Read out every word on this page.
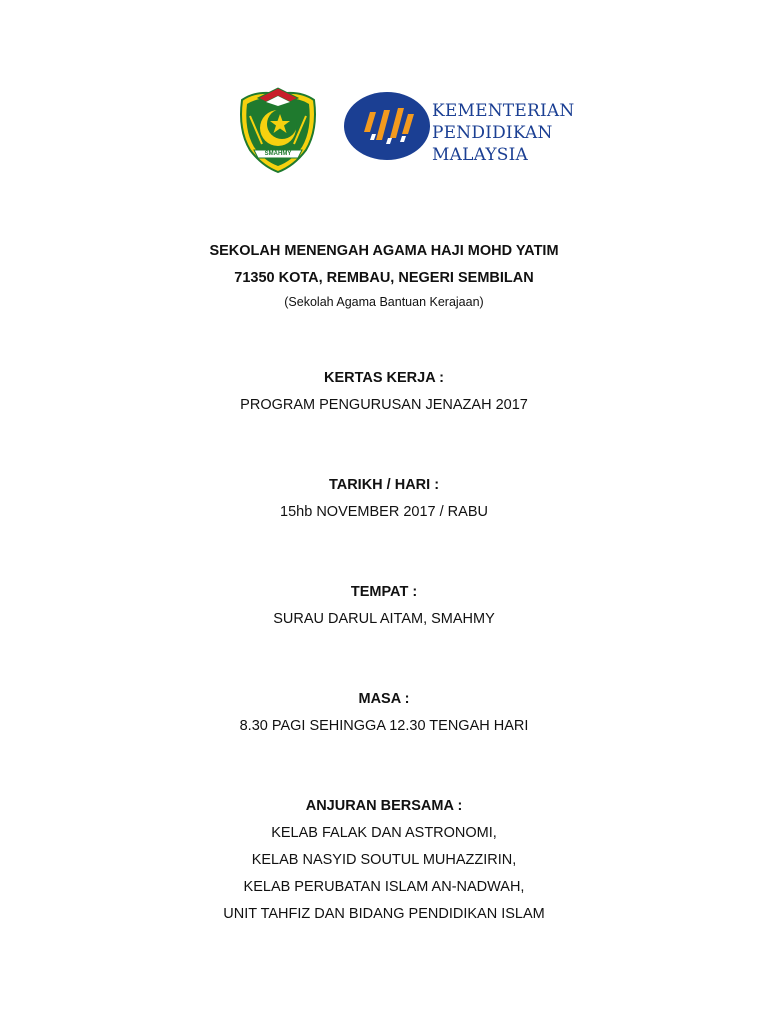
SMAHMY
KEMENTERIAN
PENDIDIKAN
MALAYSIA
SEKOLAH MENENGAH AGAMA HAJI MOHD YATIM
71350 KOTA, REMBAU, NEGERI SEMBILAN
(Sekolah Agama Bantuan Kerajaan)
KERTAS KERJA :
PROGRAM PENGURUSAN JENAZAH 2017
TARIKH / HARI :
15hb NOVEMBER 2017 / RABU
TEMPAT :
SURAU DARUL AITAM, SMAHMY
MASA :
8.30 PAGI SEHINGGA 12.30 TENGAH HARI
ANJURAN BERSAMA :
KELAB FALAK DAN ASTRONOMI,
KELAB NASYID SOUTUL MUHAZZIRIN,
KELAB PERUBATAN ISLAM AN-NADWAH,
UNIT TAHFIZ DAN BIDANG PENDIDIKAN ISLAM
